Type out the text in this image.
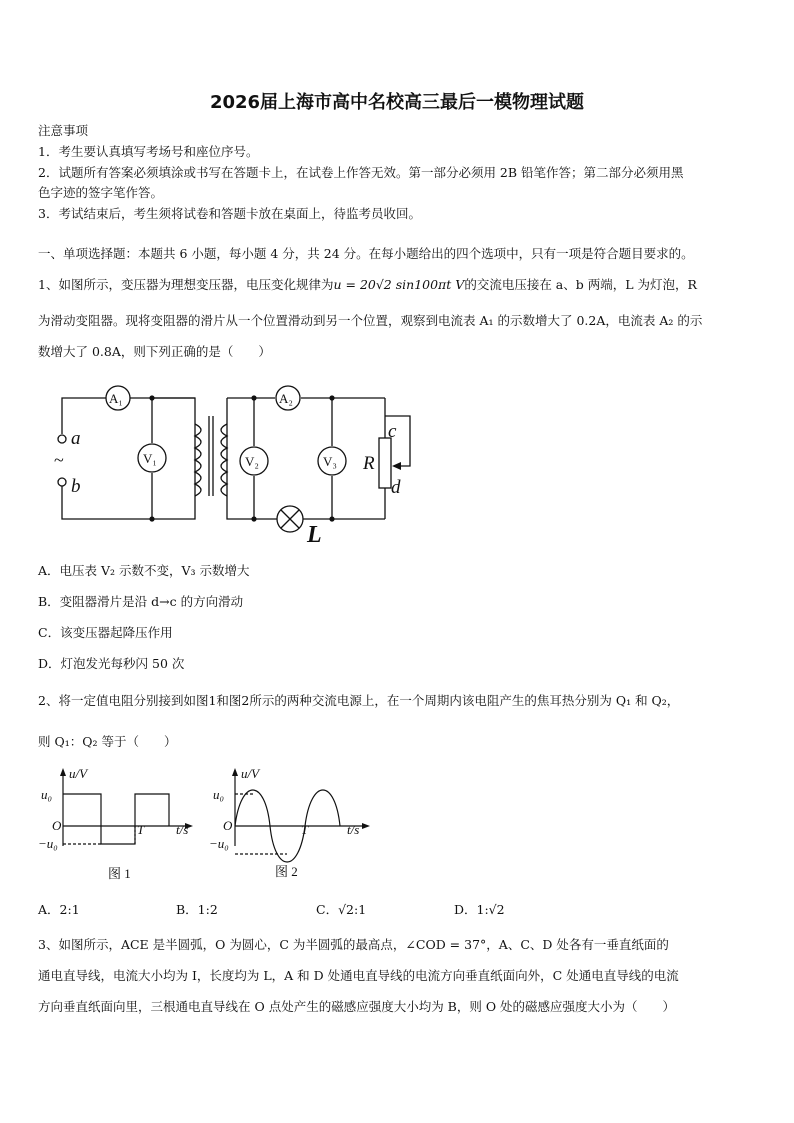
2026届上海市高中名校高三最后一模物理试题
注意事项
1．考生要认真填写考场号和座位序号。
2．试题所有答案必须填涂或书写在答题卡上，在试卷上作答无效。第一部分必须用 2B 铅笔作答；第二部分必须用黑
色字迹的签字笔作答。
3．考试结束后，考生须将试卷和答题卡放在桌面上，待监考员收回。
一、单项选择题：本题共 6 小题，每小题 4 分，共 24 分。在每小题给出的四个选项中，只有一项是符合题目要求的。
1、如图所示，变压器为理想变压器，电压变化规律为u = 20√2 sin100πt V的交流电压接在 a、b 两端，L 为灯泡，R
为滑动变阻器。现将变阻器的滑片从一个位置滑动到另一个位置，观察到电流表 A₁ 的示数增大了 0.2A，电流表 A₂ 的示
数增大了 0.8A，则下列正确的是（　　）
A₁	A₂
V₁	V₂	V₃
a
~
b
R
c
d
L
A．电压表 V₂ 示数不变，V₃ 示数增大
B．变阻器滑片是沿 d→c 的方向滑动
C．该变压器起降压作用
D．灯泡发光每秒闪 50 次
2、将一定值电阻分别接到如图1和图2所示的两种交流电源上，在一个周期内该电阻产生的焦耳热分别为 Q₁ 和 Q₂，
则 Q₁：Q₂ 等于（　　）
u/V
u₀
−u₀
O	T t/s
图 1
u/V
u₀
−u₀
O	T	t/s
图 2
A．2:1	B．1:2	C．√2:1	D．1:√2
3、如图所示，ACE 是半圆弧，O 为圆心，C 为半圆弧的最高点，∠COD = 37°，A、C、D 处各有一垂直纸面的
通电直导线，电流大小均为 I，长度均为 L，A 和 D 处通电直导线的电流方向垂直纸面向外，C 处通电直导线的电流
方向垂直纸面向里，三根通电直导线在 O 点处产生的磁感应强度大小均为 B，则 O 处的磁感应强度大小为（　　）
